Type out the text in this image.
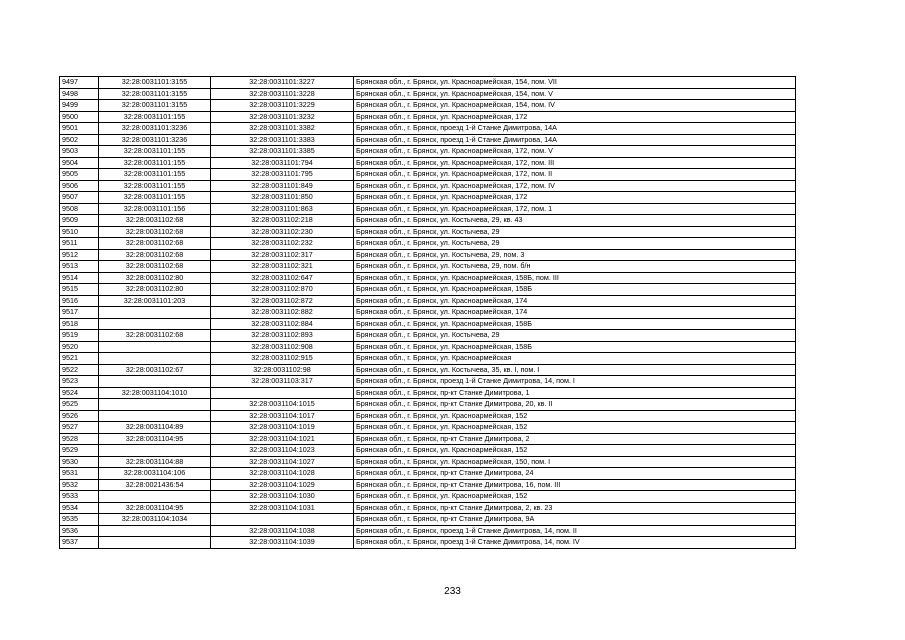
9497	32:28:0031101:3155	32:28:0031101:3227	Брянская обл., г. Брянск, ул. Красноармейская, 154, пом. VII
9498	32:28:0031101:3155	32:28:0031101:3228	Брянская обл., г. Брянск, ул. Красноармейская, 154, пом. V
9499	32:28:0031101:3155	32:28:0031101:3229	Брянская обл., г. Брянск, ул. Красноармейская, 154, пом. IV
9500	32:28:0031101:155	32:28:0031101:3232	Брянская обл., г. Брянск, ул. Красноармейская, 172
9501	32:28:0031101:3236	32:28:0031101:3382	Брянская обл., г. Брянск, проезд 1-й Станке Димитрова, 14А
9502	32:28:0031101:3236	32:28:0031101:3383	Брянская обл., г. Брянск, проезд 1-й Станке Димитрова, 14А
9503	32:28:0031101:155	32:28:0031101:3385	Брянская обл., г. Брянск, ул. Красноармейская, 172, пом. V
9504	32:28:0031101:155	32:28:0031101:794	Брянская обл., г. Брянск, ул. Красноармейская, 172, пом. III
9505	32:28:0031101:155	32:28:0031101:795	Брянская обл., г. Брянск, ул. Красноармейская, 172, пом. II
9506	32:28:0031101:155	32:28:0031101:849	Брянская обл., г. Брянск, ул. Красноармейская, 172, пом. IV
9507	32:28:0031101:155	32:28:0031101:850	Брянская обл., г. Брянск, ул. Красноармейская, 172
9508	32:28:0031101:156	32:28:0031101:863	Брянская обл., г. Брянск, ул. Красноармейская, 172, пом. 1
9509	32:28:0031102:68	32:28:0031102:218	Брянская обл., г. Брянск, ул. Костычева, 29, кв. 43
9510	32:28:0031102:68	32:28:0031102:230	Брянская обл., г. Брянск, ул. Костычева, 29
9511	32:28:0031102:68	32:28:0031102:232	Брянская обл., г. Брянск, ул. Костычева, 29
9512	32:28:0031102:68	32:28:0031102:317	Брянская обл., г. Брянск, ул. Костычева, 29, пом. 3
9513	32:28:0031102:68	32:28:0031102:321	Брянская обл., г. Брянск, ул. Костычева, 29, пом. б/н
9514	32:28:0031102:80	32:28:0031102:647	Брянская обл., г. Брянск, ул. Красноармейская, 158Б, пом. III
9515	32:28:0031102:80	32:28:0031102:870	Брянская обл., г. Брянск, ул. Красноармейская, 158Б
9516	32:28:0031101:203	32:28:0031102:872	Брянская обл., г. Брянск, ул. Красноармейская, 174
9517		32:28:0031102:882	Брянская обл., г. Брянск, ул. Красноармейская, 174
9518		32:28:0031102:884	Брянская обл., г. Брянск, ул. Красноармейская, 158Б
9519	32:28:0031102:68	32:28:0031102:893	Брянская обл., г. Брянск, ул. Костычева, 29
9520		32:28:0031102:908	Брянская обл., г. Брянск, ул. Красноармейская, 158Б
9521		32:28:0031102:915	Брянская обл., г. Брянск, ул. Красноармейская
9522	32:28:0031102:67	32:28:0031102:98	Брянская обл., г. Брянск, ул. Костычева, 35, кв. I, пом. I
9523		32:28:0031103:317	Брянская обл., г. Брянск, проезд 1-й Станке Димитрова, 14, пом. I
9524	32:28:0031104:1010		Брянская обл., г. Брянск, пр-кт Станке Димитрова, 1
9525		32:28:0031104:1015	Брянская обл., г. Брянск, пр-кт Станке Димитрова, 20, кв. II
9526		32:28:0031104:1017	Брянская обл., г. Брянск, ул. Красноармейская, 152
9527	32:28:0031104:89	32:28:0031104:1019	Брянская обл., г. Брянск, ул. Красноармейская, 152
9528	32:28:0031104:95	32:28:0031104:1021	Брянская обл., г. Брянск, пр-кт Станке Димитрова, 2
9529		32:28:0031104:1023	Брянская обл., г. Брянск, ул. Красноармейская, 152
9530	32:28:0031104:88	32:28:0031104:1027	Брянская обл., г. Брянск, ул. Красноармейская, 150, пом. I
9531	32:28:0031104:106	32:28:0031104:1028	Брянская обл., г. Брянск, пр-кт Станке Димитрова, 24
9532	32:28:0021436:54	32:28:0031104:1029	Брянская обл., г. Брянск, пр-кт Станке Димитрова, 16, пом. III
9533		32:28:0031104:1030	Брянская обл., г. Брянск, ул. Красноармейская, 152
9534	32:28:0031104:95	32:28:0031104:1031	Брянская обл., г. Брянск, пр-кт Станке Димитрова, 2, кв. 23
9535	32:28:0031104:1034		Брянская обл., г. Брянск, пр-кт Станке Димитрова, 9А
9536		32:28:0031104:1038	Брянская обл., г. Брянск, проезд 1-й Станке Димитрова, 14, пом. II
9537		32:28:0031104:1039	Брянская обл., г. Брянск, проезд 1-й Станке Димитрова, 14, пом. IV
233
